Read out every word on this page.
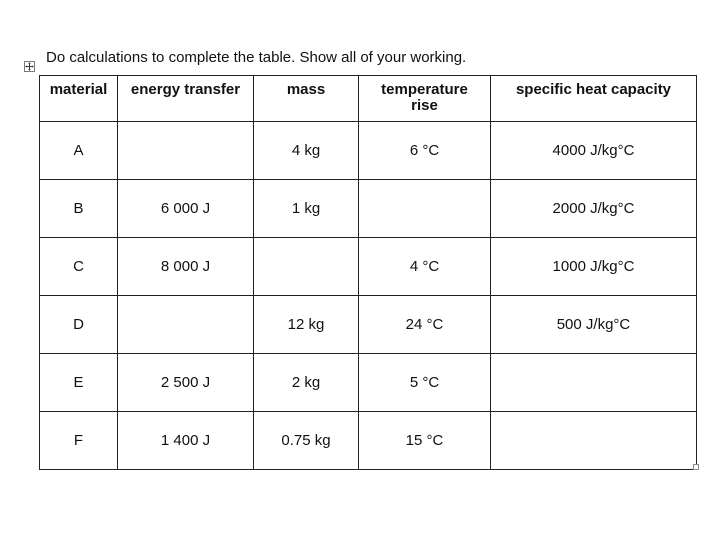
Do calculations to complete the table. Show all of your working.
material	energy transfer	mass	temperature rise	specific heat capacity
A		4 kg	6 °C	4000 J/kg°C
B	6 000 J	1 kg		2000 J/kg°C
C	8 000 J		4 °C	1000 J/kg°C
D		12 kg	24 °C	500 J/kg°C
E	2 500 J	2 kg	5 °C	
F	1 400 J	0.75 kg	15 °C	
